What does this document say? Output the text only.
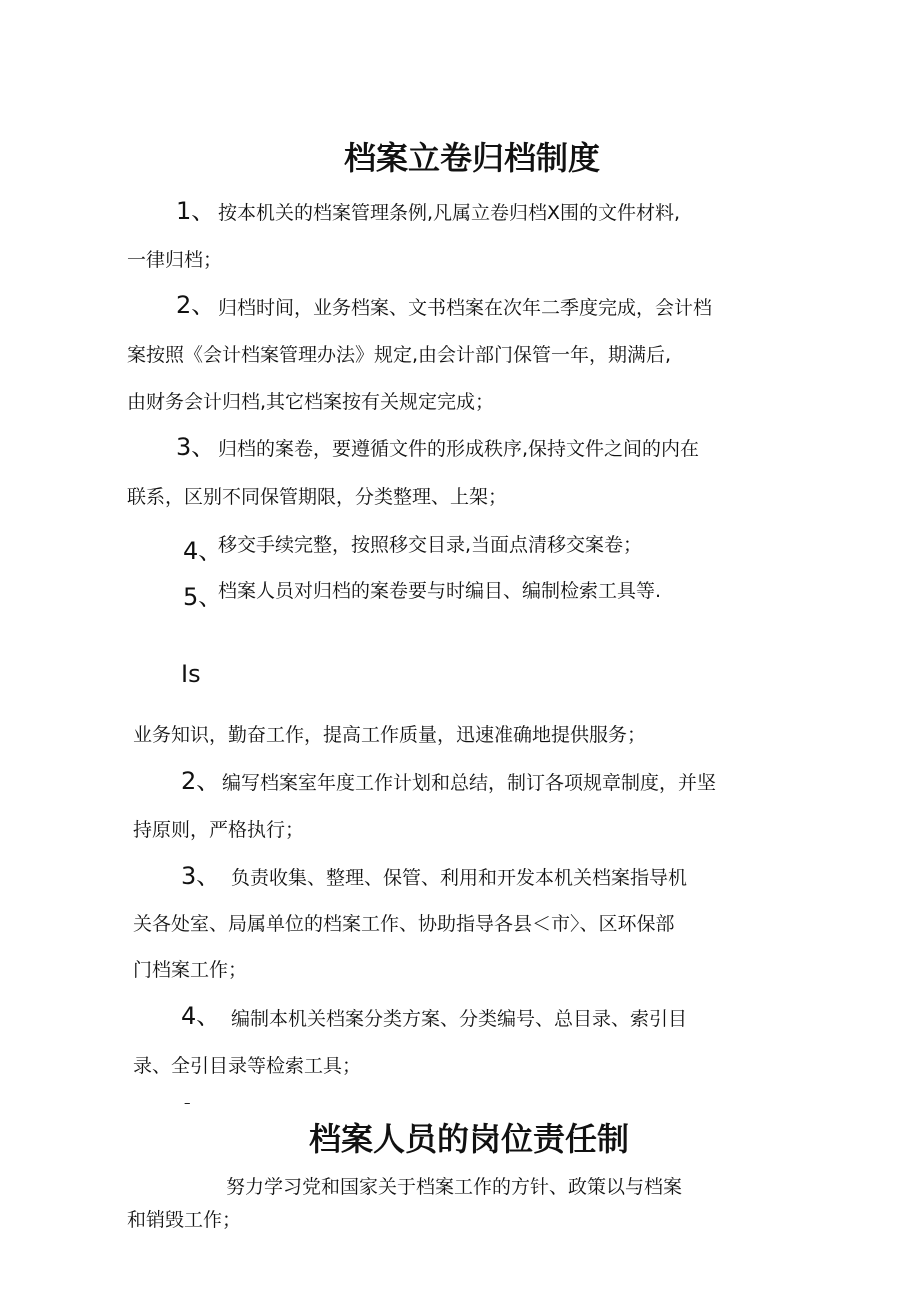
档案立卷归档制度
1、 按本机关的档案管理条例,凡属立卷归档X围的文件材料,
一律归档；
2、 归档时间，业务档案、文书档案在次年二季度完成，会计档
案按照《会计档案管理办法》规定,由会计部门保管一年，期满后,
由财务会计归档,其它档案按有关规定完成；
3、 归档的案卷，要遵循文件的形成秩序,保持文件之间的内在
联系，区别不同保管期限，分类整理、上架；
4、
移交手续完整，按照移交目录,当面点清移交案卷；
5、
档案人员对归档的案卷要与时编目、编制检索工具等.
Is
业务知识，勤奋工作，提高工作质量，迅速准确地提供服务；
2、 编写档案室年度工作计划和总结，制订各项规章制度，并坚
持原则，严格执行；
3、 负责收集、整理、保管、利用和开发本机关档案指导机
关各处室、局属单位的档案工作、协助指导各县＜市〉、区环保部
门档案工作；
4、 编制本机关档案分类方案、分类编号、总目录、索引目
录、全引目录等检索工具；
–
档案人员的岗位责任制
努力学习党和国家关于档案工作的方针、政策以与档案
和销毁工作；
